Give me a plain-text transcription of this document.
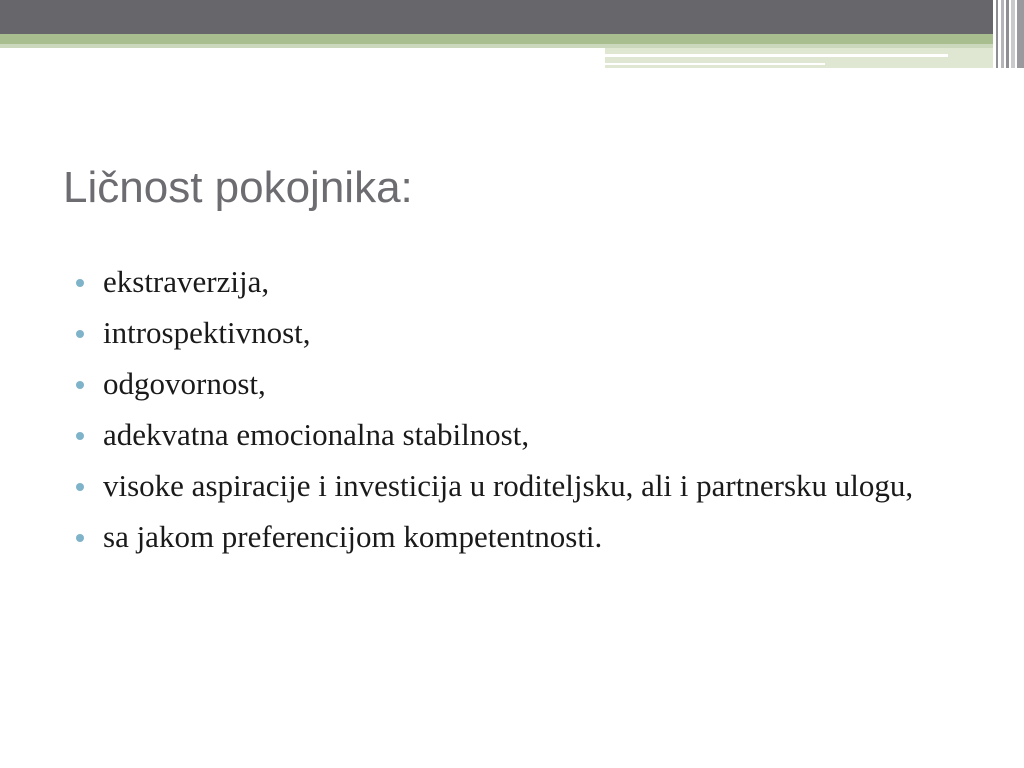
Ličnost pokojnika:
ekstraverzija,
introspektivnost,
odgovornost,
adekvatna emocionalna stabilnost,
visoke aspiracije i investicija u roditeljsku, ali i partnersku ulogu,
sa jakom preferencijom kompetentnosti.
